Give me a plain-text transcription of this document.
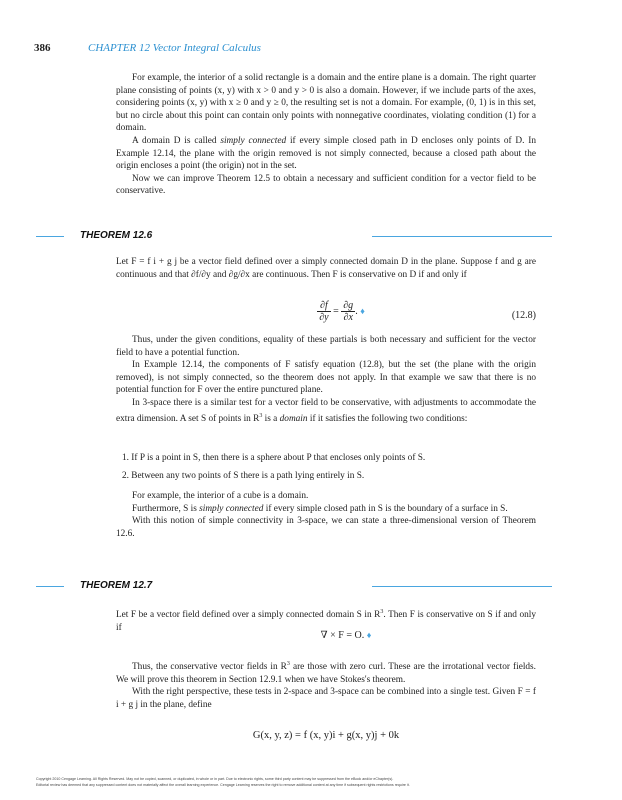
386	CHAPTER 12 Vector Integral Calculus

For example, the interior of a solid rectangle is a domain and the entire plane is a domain. The right quarter plane consisting of points (x, y) with x > 0 and y > 0 is also a domain. However, if we include parts of the axes, considering points (x, y) with x ≥ 0 and y ≥ 0, the resulting set is not a domain. For example, (0, 1) is in this set, but no circle about this point can contain only points with nonnegative coordinates, violating condition (1) for a domain.

A domain D is called simply connected if every simple closed path in D encloses only points of D. In Example 12.14, the plane with the origin removed is not simply connected, because a closed path about the origin encloses a point (the origin) not in the set.

Now we can improve Theorem 12.5 to obtain a necessary and sufficient condition for a vector field to be conservative.

THEOREM 12.6

Let F = f i + g j be a vector field defined over a simply connected domain D in the plane. Suppose f and g are continuous and that ∂f/∂y and ∂g/∂x are continuous. Then F is conservative on D if and only if

$\frac{\partial f}{\partial y} = \frac{\partial g}{\partial x}$ . ♦	(12.8)

Thus, under the given conditions, equality of these partials is both necessary and sufficient for the vector field to have a potential function.

In Example 12.14, the components of F satisfy equation (12.8), but the set (the plane with the origin removed), is not simply connected, so the theorem does not apply. In that example we saw that there is no potential function for F over the entire punctured plane.

In 3-space there is a similar test for a vector field to be conservative, with adjustments to accommodate the extra dimension. A set S of points in $R^3$ is a domain if it satisfies the following two conditions:

1. If P is a point in S, then there is a sphere about P that encloses only points of S.
2. Between any two points of S there is a path lying entirely in S.

For example, the interior of a cube is a domain.

Furthermore, S is simply connected if every simple closed path in S is the boundary of a surface in S.

With this notion of simple connectivity in 3-space, we can state a three-dimensional version of Theorem 12.6.

THEOREM 12.7

Let F be a vector field defined over a simply connected domain S in $R^3$. Then F is conservative on S if and only if

∇ × F = O. ♦

Thus, the conservative vector fields in $R^3$ are those with zero curl. These are the irrotational vector fields. We will prove this theorem in Section 12.9.1 when we have Stokes's theorem.

With the right perspective, these tests in 2-space and 3-space can be combined into a single test. Given F = f i + g j in the plane, define

G(x, y, z) = f (x, y)i + g(x, y)j + 0k
Copyright 2010 Cengage Learning. All Rights Reserved. May not be copied, scanned, or duplicated, in whole or in part. Due to electronic rights, some third party content may be suppressed from the eBook and/or eChapter(s).
Editorial review has deemed that any suppressed content does not materially affect the overall learning experience. Cengage Learning reserves the right to remove additional content at any time if subsequent rights restrictions require it.
